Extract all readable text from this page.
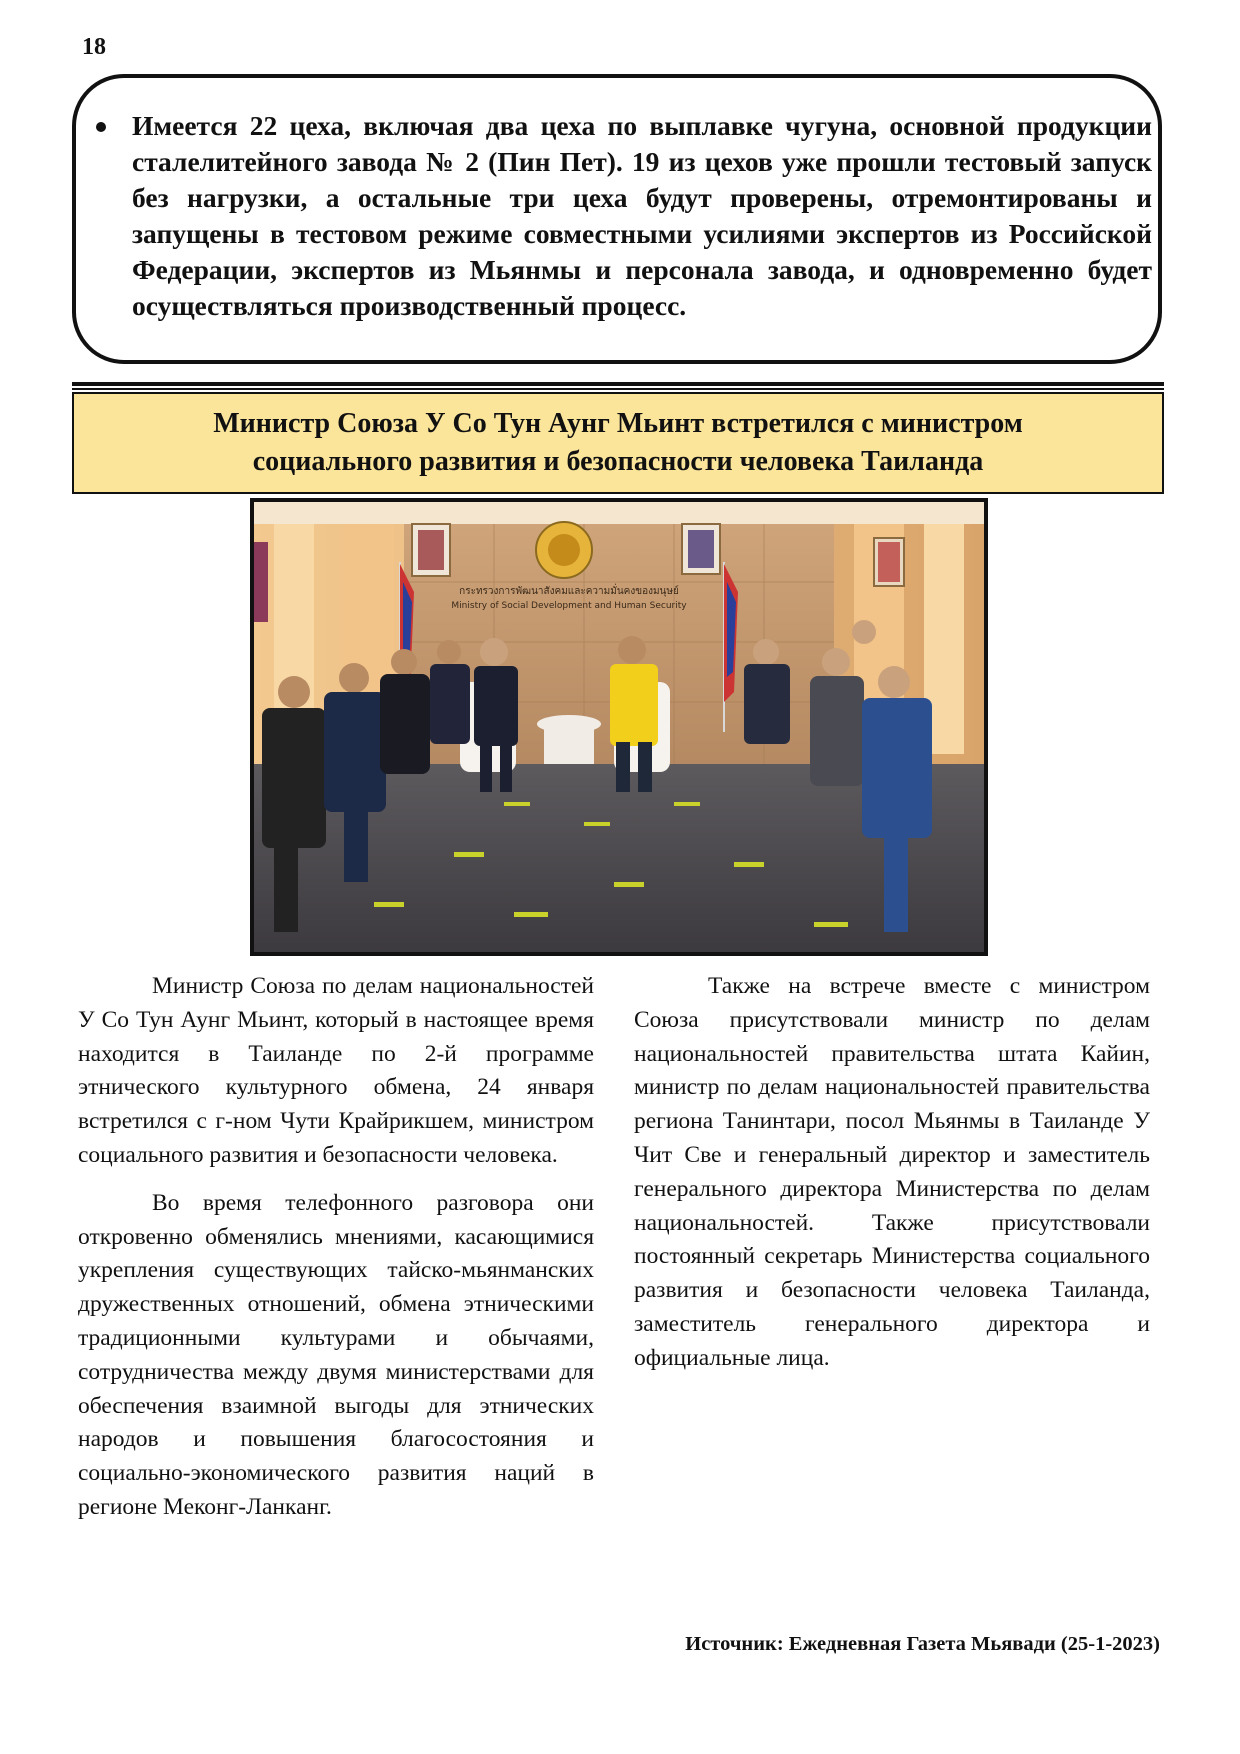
18
Имеется 22 цеха, включая два цеха по выплавке чугуна, основной продукции сталелитейного завода № 2 (Пин Пет). 19 из цехов уже прошли тестовый запуск без нагрузки, а остальные три цеха будут проверены, отремонтированы и запущены в тестовом режиме совместными усилиями экспертов из Российской Федерации, экспертов из Мьянмы и персонала завода, и одновременно будет осуществляться производственный процесс.
Министр Союза У Со Тун Аунг Мьинт встретился с министром
социального развития и безопасности человека Таиланда
กระทรวงการพัฒนาสังคมและความมั่นคงของมนุษย์
Ministry of Social Development and Human Security

Министр Союза по делам национальностей У Со Тун Аунг Мьинт, который в настоящее время находится в Таиланде по 2-й программе этнического культурного обмена, 24 января встретился с г-ном Чути Крайрикшем, министром социального развития и безопасности человека.

Во время телефонного разговора они откровенно обменялись мнениями, касающимися укрепления существующих тайско-мьянманских дружественных отношений, обмена этническими традиционными культурами и обычаями, сотрудничества между двумя министерствами для обеспечения взаимной выгоды для этнических народов и повышения благосостояния и социально-экономического развития наций в регионе Меконг-Ланканг.

Также на встрече вместе с министром Союза присутствовали министр по делам национальностей правительства штата Кайин, министр по делам национальностей правительства региона Танинтари, посол Мьянмы в Таиланде У Чит Све и генеральный директор и заместитель генерального директора Министерства по делам национальностей. Также присутствовали постоянный секретарь Министерства социального развития и безопасности человека Таиланда, заместитель генерального директора и официальные лица.

Источник: Ежедневная Газета Мьявади (25-1-2023)
